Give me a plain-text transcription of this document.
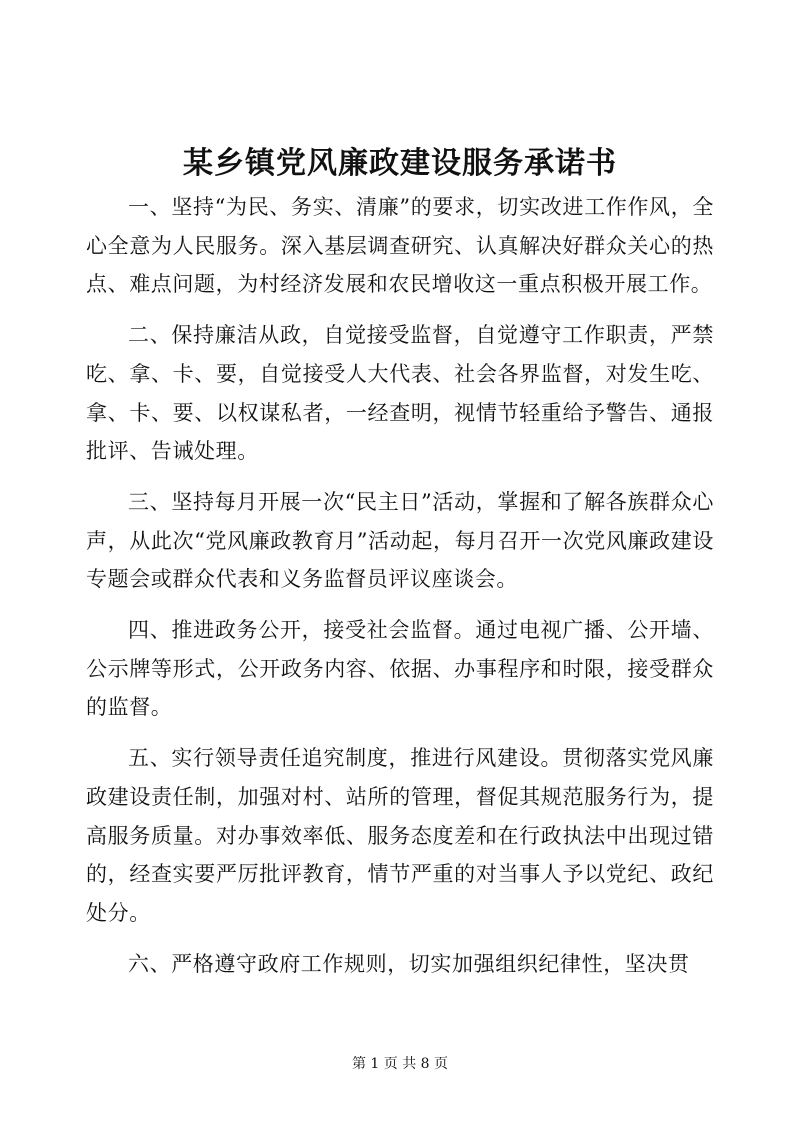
某乡镇党风廉政建设服务承诺书

一、坚持“为民、务实、清廉”的要求，切实改进工作作风，全心全意为人民服务。深入基层调查研究、认真解决好群众关心的热点、难点问题，为村经济发展和农民增收这一重点积极开展工作。

二、保持廉洁从政，自觉接受监督，自觉遵守工作职责，严禁吃、拿、卡、要，自觉接受人大代表、社会各界监督，对发生吃、拿、卡、要、以权谋私者，一经查明，视情节轻重给予警告、通报批评、告诫处理。

三、坚持每月开展一次“民主日”活动，掌握和了解各族群众心声，从此次“党风廉政教育月”活动起，每月召开一次党风廉政建设专题会或群众代表和义务监督员评议座谈会。

四、推进政务公开，接受社会监督。通过电视广播、公开墙、公示牌等形式，公开政务内容、依据、办事程序和时限，接受群众的监督。

五、实行领导责任追究制度，推进行风建设。贯彻落实党风廉政建设责任制，加强对村、站所的管理，督促其规范服务行为，提高服务质量。对办事效率低、服务态度差和在行政执法中出现过错的，经查实要严厉批评教育，情节严重的对当事人予以党纪、政纪处分。

六、严格遵守政府工作规则，切实加强组织纪律性，坚决贯

第 1 页 共 8 页
